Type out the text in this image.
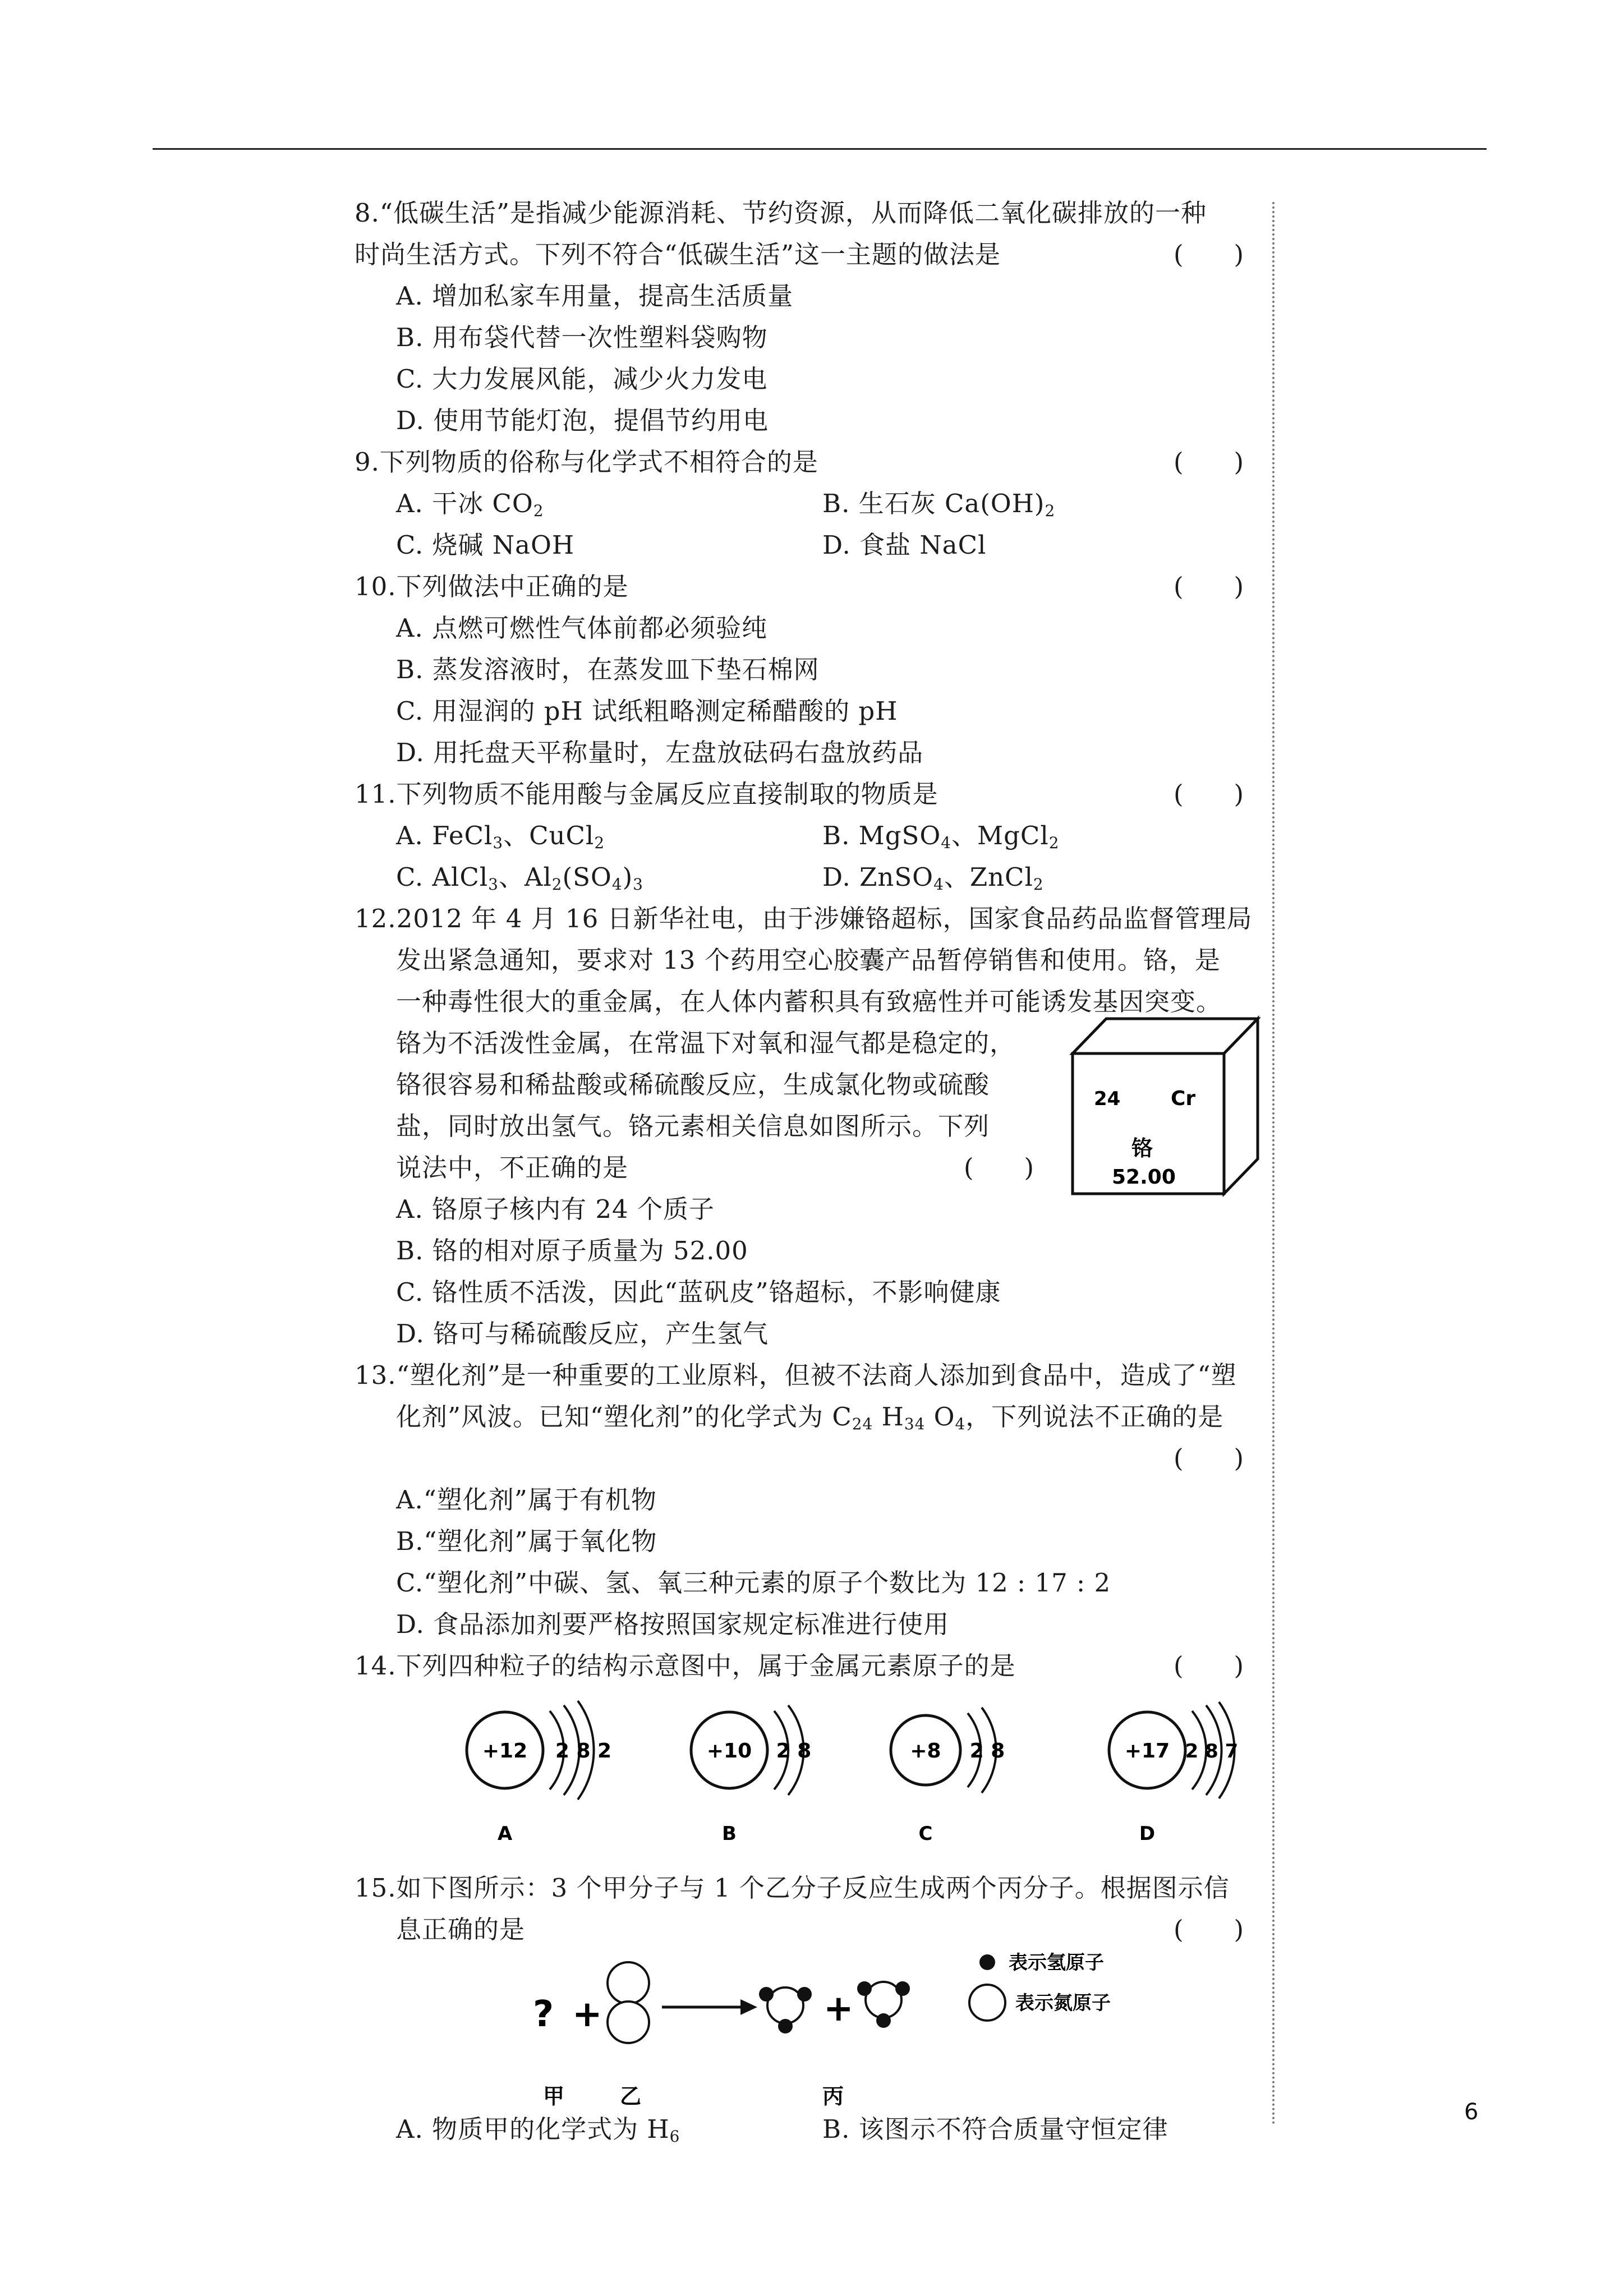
6
8.“低碳生活”是指减少能源消耗、节约资源，从而降低二氧化碳排放的一种
时尚生活方式。下列不符合“低碳生活”这一主题的做法是	(　　)
A. 增加私家车用量，提高生活质量
B. 用布袋代替一次性塑料袋购物
C. 大力发展风能，减少火力发电
D. 使用节能灯泡，提倡节约用电
9.下列物质的俗称与化学式不相符合的是	(　　)
A. 干冰 $CO_2$	B. 生石灰 $Ca(OH)_2$
C. 烧碱 NaOH	D. 食盐 NaCl
10.下列做法中正确的是	(　　)
A. 点燃可燃性气体前都必须验纯
B. 蒸发溶液时，在蒸发皿下垫石棉网
C. 用湿润的 pH 试纸粗略测定稀醋酸的 pH
D. 用托盘天平称量时，左盘放砝码右盘放药品
11.下列物质不能用酸与金属反应直接制取的物质是	(　　)
A. FeCl$_3$、CuCl$_2$	B. MgSO$_4$、MgCl$_2$
C. AlCl$_3$、$Al_2(SO_4)_3$	D. ZnSO$_4$、ZnCl$_2$
12.2012 年 4 月 16 日新华社电，由于涉嫌铬超标，国家食品药品监督管理局
发出紧急通知，要求对 13 个药用空心胶囊产品暂停销售和使用。铬，是
一种毒性很大的重金属，在人体内蓄积具有致癌性并可能诱发基因突变。
铬为不活泼性金属，在常温下对氧和湿气都是稳定的，
铬很容易和稀盐酸或稀硫酸反应，生成氯化物或硫酸
盐，同时放出氢气。铬元素相关信息如图所示。下列
说法中，不正确的是	(　　)
A. 铬原子核内有 24 个质子
B. 铬的相对原子质量为 52.00
C. 铬性质不活泼，因此“蓝矾皮”铬超标，不影响健康
D. 铬可与稀硫酸反应，产生氢气
24 Cr
铬
52.00
13.“塑化剂”是一种重要的工业原料，但被不法商人添加到食品中，造成了“塑
化剂”风波。已知“塑化剂”的化学式为 $C_{24}$ $H_{34}$ $O_4$，下列说法不正确的是
(　　)
A.“塑化剂”属于有机物
B.“塑化剂”属于氧化物
C.“塑化剂”中碳、氢、氧三种元素的原子个数比为 12 : 17 : 2
D. 食品添加剂要严格按照国家规定标准进行使用
14.下列四种粒子的结构示意图中，属于金属元素原子的是	(　　)
+12 2 8 2
A
+10 2 8
B
+8 2 8
C
+17 2 8 7
D
15.如下图所示：3 个甲分子与 1 个乙分子反应生成两个丙分子。根据图示信
息正确的是	(　　)
? +	+
表示氢原子
表示氮原子
甲	乙	丙
A. 物质甲的化学式为 $H_6$	B. 该图示不符合质量守恒定律
